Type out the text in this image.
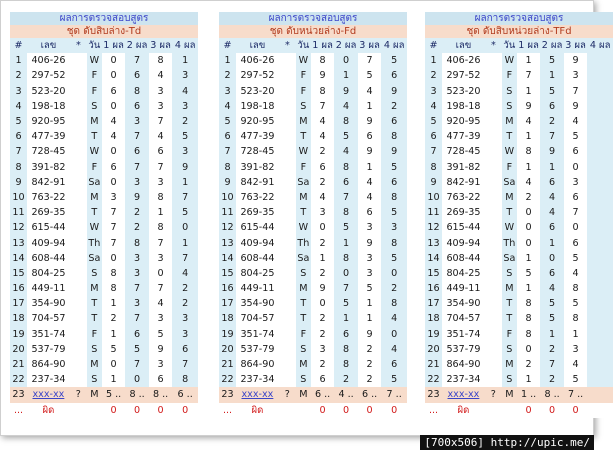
ผลการตรวจสอบสูตร
ชุด ดับสิบล่าง-Td
#	เลข	*	วัน	1 ผล	2 ผล	3 ผล	4 ผล
1	406-26		W	0	7	8	1
2	297-52		F	0	6	4	3
3	523-20		F	6	8	3	4
4	198-18		S	0	6	3	3
5	920-95		M	4	3	7	2
6	477-39		T	4	7	4	5
7	728-45		W	0	6	6	3
8	391-82		F	6	7	7	9
9	842-91		Sa	0	3	3	1
10	763-22		M	3	9	8	7
11	269-35		T	7	2	1	5
12	615-44		W	7	2	8	0
13	409-94		Th	7	8	7	1
14	608-44		Sa	0	3	3	7
15	804-25		S	8	3	0	4
16	449-11		M	8	7	7	2
17	354-90		T	1	3	4	2
18	704-57		T	2	7	3	3
19	351-74		F	1	6	5	3
20	537-79		S	5	5	9	6
21	864-90		M	0	7	3	7
22	237-34		S	1	0	6	8
23	xxx-xx	?	M	5 ..	8 ..	8 ..	6 ..
...	ผิด			0	0	0	0
ผลการตรวจสอบสูตร
ชุด ดับหน่วยล่าง-Fd
#	เลข	*	วัน	1 ผล	2 ผล	3 ผล	4 ผล
1	406-26		W	8	0	7	5
2	297-52		F	9	1	5	6
3	523-20		F	8	9	4	9
4	198-18		S	7	4	1	2
5	920-95		M	4	8	9	6
6	477-39		T	4	5	6	8
7	728-45		W	2	4	9	9
8	391-82		F	6	8	1	5
9	842-91		Sa	2	6	4	6
10	763-22		M	4	7	4	8
11	269-35		T	3	8	6	5
12	615-44		W	0	5	3	3
13	409-94		Th	2	1	9	8
14	608-44		Sa	1	8	3	5
15	804-25		S	2	0	3	0
16	449-11		M	9	7	5	2
17	354-90		T	0	5	1	8
18	704-57		T	2	1	1	4
19	351-74		F	2	6	9	0
20	537-79		S	3	8	2	4
21	864-90		M	2	8	2	6
22	237-34		S	6	2	2	5
23	xxx-xx	?	M	6 ..	4 ..	6 ..	7 ..
...	ผิด			0	0	0	0
ผลการตรวจสอบสูตร
ชุด ดับสิบหน่วยล่าง-TFd
#	เลข	*	วัน	1 ผล	2 ผล	3 ผล	4 ผล
1	406-26		W	1	5	9	
2	297-52		F	7	1	3	
3	523-20		S	1	5	7	
4	198-18		S	9	6	9	
5	920-95		M	4	2	4	
6	477-39		T	1	7	5	
7	728-45		W	8	9	6	
8	391-82		F	1	1	0	
9	842-91		Sa	4	6	3	
10	763-22		M	2	4	6	
11	269-35		T	0	4	7	
12	615-44		W	0	6	0	
13	409-94		Th	0	1	6	
14	608-44		Sa	1	0	5	
15	804-25		S	5	6	4	
16	449-11		M	1	4	8	
17	354-90		T	8	5	5	
18	704-57		T	8	5	8	
19	351-74		F	8	1	1	
20	537-79		S	0	2	3	
21	864-90		M	2	7	4	
22	237-34		S	1	2	5	
23	xxx-xx	?	M	1 ..	8 ..	7 ..	
...	ผิด			0	0	0	
[700x506] http://upic.me/
